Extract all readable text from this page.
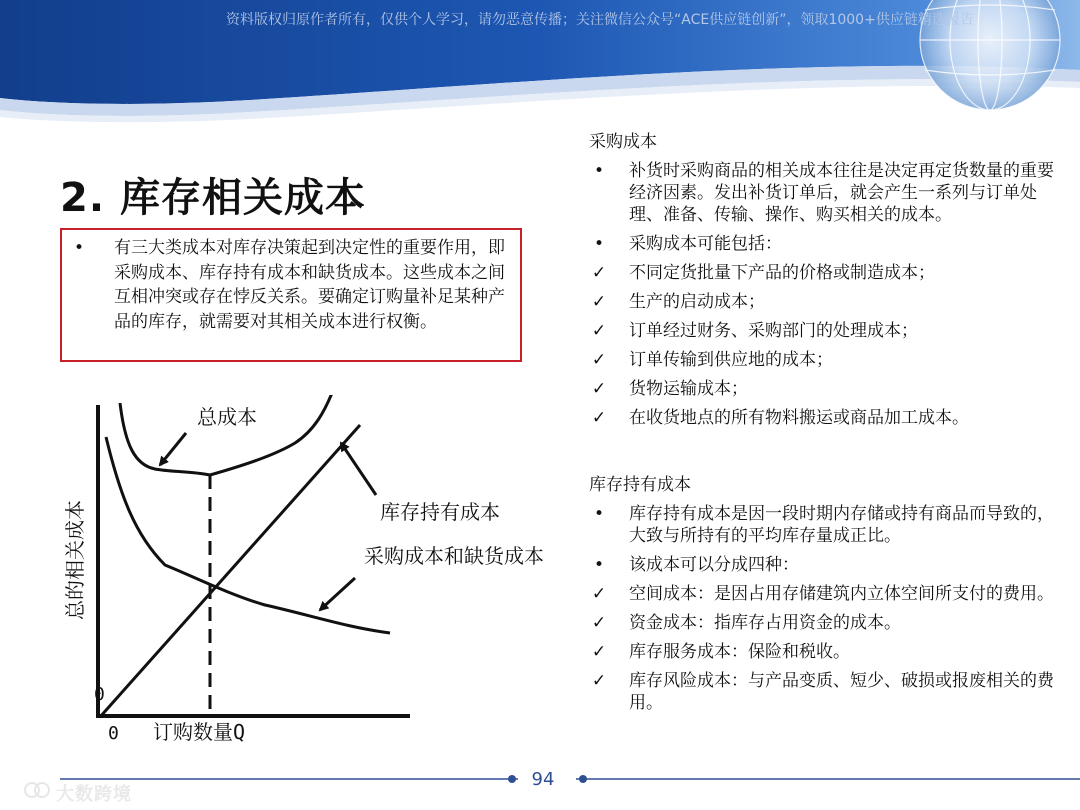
资料版权归原作者所有，仅供个人学习，请勿恶意传播；关注微信公众号“ACE供应链创新”，领取1000+供应链精选报告
2. 库存相关成本
• 有三大类成本对库存决策起到决定性的重要作用，即采购成本、库存持有成本和缺货成本。这些成本之间互相冲突或存在悖反关系。要确定订购量补足某种产品的库存，就需要对其相关成本进行权衡。
总的相关成本
订购数量Q
0
0
总成本
库存持有成本
采购成本和缺货成本
采购成本
• 补货时采购商品的相关成本往往是决定再定货数量的重要经济因素。发出补货订单后，就会产生一系列与订单处理、准备、传输、操作、购买相关的成本。
• 采购成本可能包括：
✓ 不同定货批量下产品的价格或制造成本；
✓ 生产的启动成本；
✓ 订单经过财务、采购部门的处理成本；
✓ 订单传输到供应地的成本；
✓ 货物运输成本；
✓ 在收货地点的所有物料搬运或商品加工成本。
库存持有成本
• 库存持有成本是因一段时期内存储或持有商品而导致的，大致与所持有的平均库存量成正比。
• 该成本可以分成四种：
✓ 空间成本：是因占用存储建筑内立体空间所支付的费用。
✓ 资金成本：指库存占用资金的成本。
✓ 库存服务成本：保险和税收。
✓ 库存风险成本：与产品变质、短少、破损或报废相关的费用。
94
大数跨境
